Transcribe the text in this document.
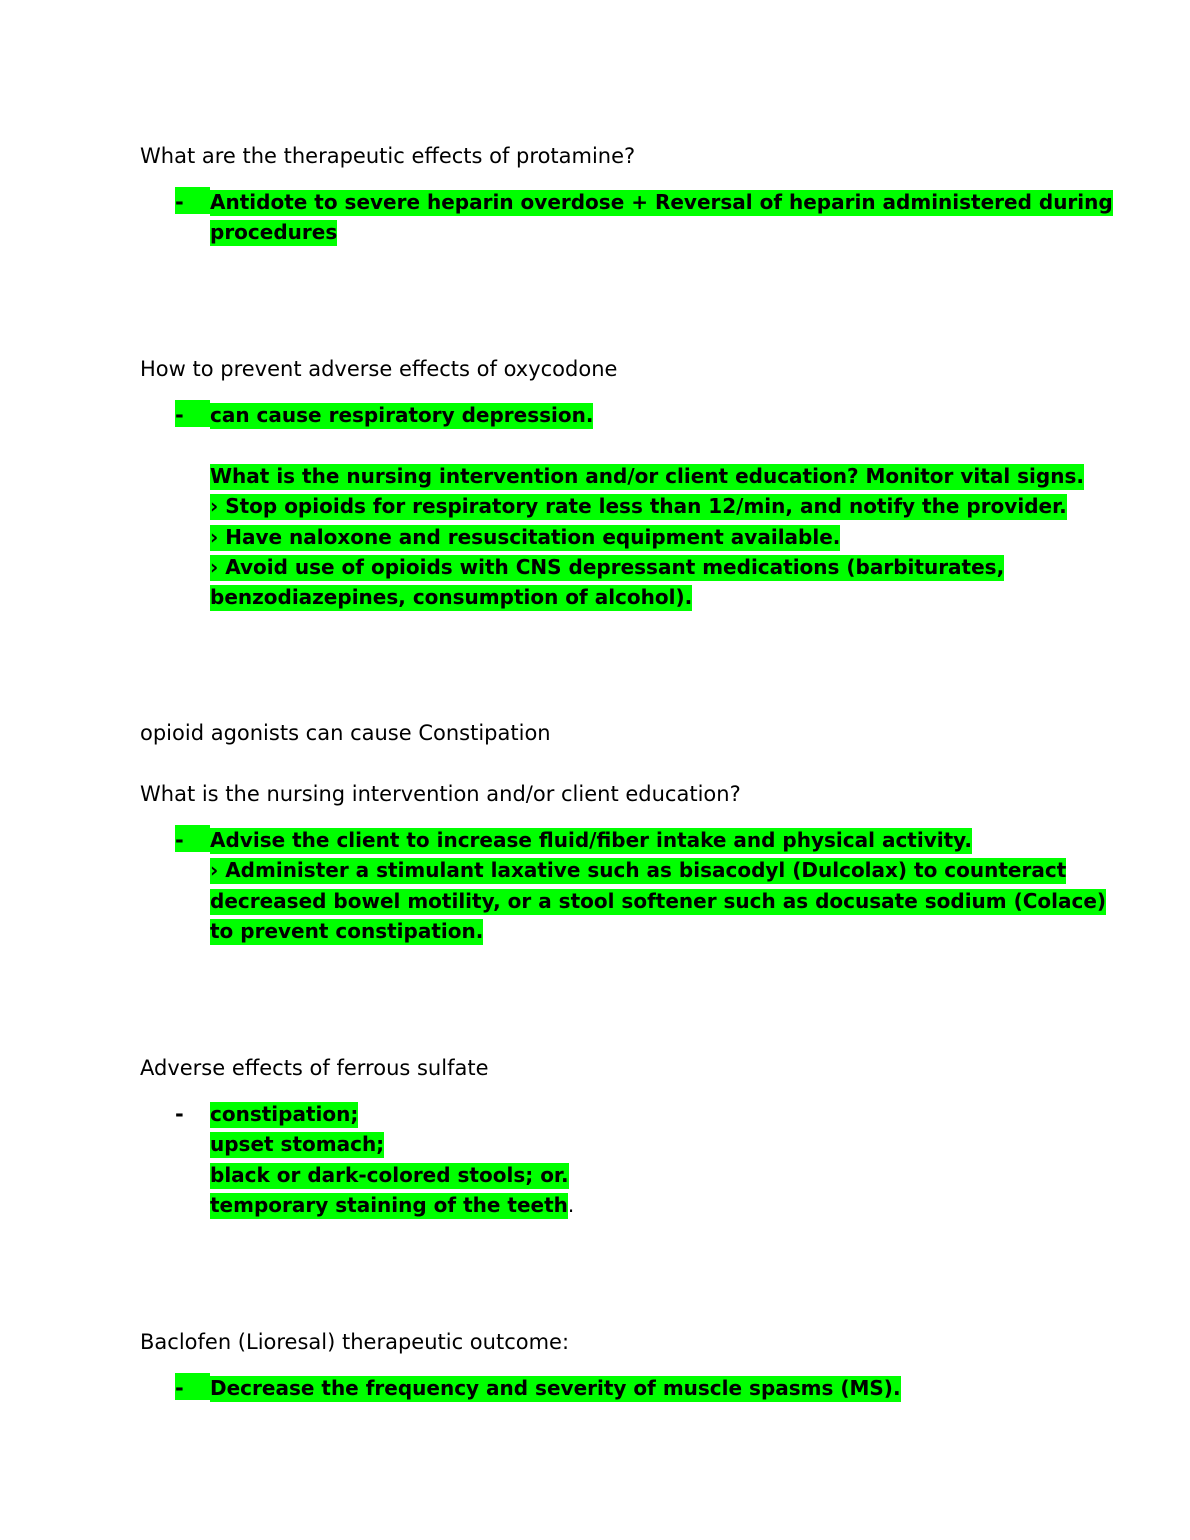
What are the therapeutic effects of protamine?
-	Antidote to severe heparin overdose + Reversal of heparin administered during
procedures
How to prevent adverse effects of oxycodone
-	can cause respiratory depression.
What is the nursing intervention and/or client education? Monitor vital signs.
› Stop opioids for respiratory rate less than 12/min, and notify the provider.
› Have naloxone and resuscitation equipment available.
› Avoid use of opioids with CNS depressant medications (barbiturates,
benzodiazepines, consumption of alcohol).
opioid agonists can cause Constipation
What is the nursing intervention and/or client education?
-	Advise the client to increase fluid/fiber intake and physical activity.
› Administer a stimulant laxative such as bisacodyl (Dulcolax) to counteract
decreased bowel motility, or a stool softener such as docusate sodium (Colace)
to prevent constipation.
Adverse effects of ferrous sulfate
-	constipation;
upset stomach;
black or dark-colored stools; or.
temporary staining of the teeth.
Baclofen (Lioresal) therapeutic outcome:
-	Decrease the frequency and severity of muscle spasms (MS).
